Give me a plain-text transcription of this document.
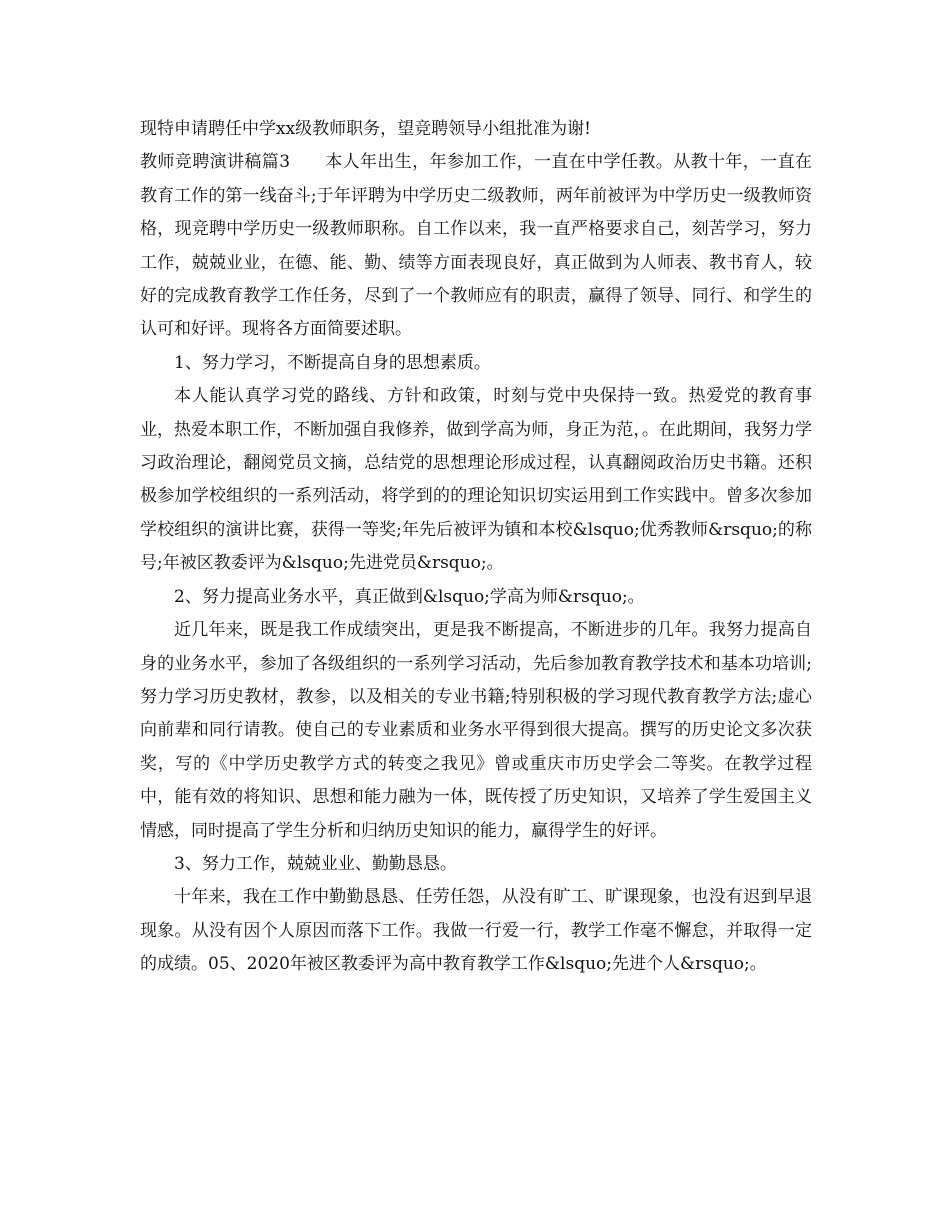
现特申请聘任中学xx级教师职务，望竞聘领导小组批准为谢!

教师竞聘演讲稿篇3　　本人年出生，年参加工作，一直在中学任教。从教十年，一直在教育工作的第一线奋斗;于年评聘为中学历史二级教师，两年前被评为中学历史一级教师资格，现竞聘中学历史一级教师职称。自工作以来，我一直严格要求自己，刻苦学习，努力工作，兢兢业业，在德、能、勤、绩等方面表现良好，真正做到为人师表、教书育人，较好的完成教育教学工作任务，尽到了一个教师应有的职责，赢得了领导、同行、和学生的认可和好评。现将各方面简要述职。

1、努力学习，不断提高自身的思想素质。

本人能认真学习党的路线、方针和政策，时刻与党中央保持一致。热爱党的教育事业，热爱本职工作，不断加强自我修养，做到学高为师，身正为范，。在此期间，我努力学习政治理论，翻阅党员文摘，总结党的思想理论形成过程，认真翻阅政治历史书籍。还积极参加学校组织的一系列活动，将学到的的理论知识切实运用到工作实践中。曾多次参加学校组织的演讲比赛，获得一等奖;年先后被评为镇和本校&lsquo;优秀教师&rsquo;的称号;年被区教委评为&lsquo;先进党员&rsquo;。

2、努力提高业务水平，真正做到&lsquo;学高为师&rsquo;。

近几年来，既是我工作成绩突出，更是我不断提高，不断进步的几年。我努力提高自身的业务水平，参加了各级组织的一系列学习活动，先后参加教育教学技术和基本功培训;努力学习历史教材，教参，以及相关的专业书籍;特别积极的学习现代教育教学方法;虚心向前辈和同行请教。使自己的专业素质和业务水平得到很大提高。撰写的历史论文多次获奖，写的《中学历史教学方式的转变之我见》曾或重庆市历史学会二等奖。在教学过程中，能有效的将知识、思想和能力融为一体，既传授了历史知识，又培养了学生爱国主义情感，同时提高了学生分析和归纳历史知识的能力，赢得学生的好评。

3、努力工作，兢兢业业、勤勤恳恳。

十年来，我在工作中勤勤恳恳、任劳任怨，从没有旷工、旷课现象，也没有迟到早退现象。从没有因个人原因而落下工作。我做一行爱一行，教学工作毫不懈怠，并取得一定的成绩。05、2020年被区教委评为高中教育教学工作&lsquo;先进个人&rsquo;。
